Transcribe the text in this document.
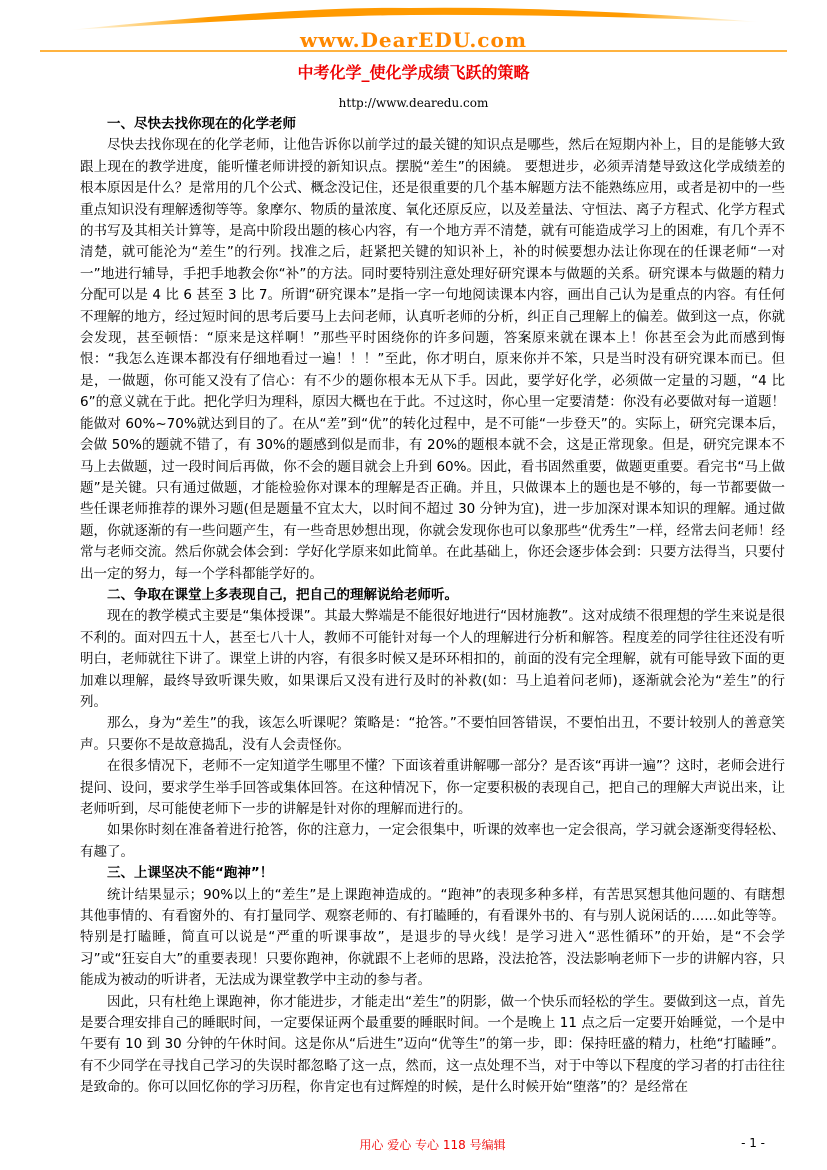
www.DearEDU.com
中考化学_使化学成绩飞跃的策略
http://www.dearedu.com
一、尽快去找你现在的化学老师

尽快去找你现在的化学老师，让他告诉你以前学过的最关键的知识点是哪些，然后在短期内补上，目的是能够大致跟上现在的教学进度，能听懂老师讲授的新知识点。摆脱“差生”的困繞。 要想进步，必须弄清楚导致这化学成绩差的根本原因是什么？是常用的几个公式、概念没记住，还是很重要的几个基本解题方法不能熟练应用，或者是初中的一些重点知识没有理解透彻等等。象摩尔、物质的量浓度、氧化还原反应，以及差量法、守恒法、离子方程式、化学方程式的书写及其相关计算等，是高中阶段出题的核心内容，有一个地方弄不清楚，就有可能造成学习上的困难，有几个弄不清楚，就可能沦为“差生”的行列。找准之后，赶紧把关键的知识补上，补的时候要想办法让你现在的任课老师“一对一”地进行辅导，手把手地教会你“补”的方法。同时要特别注意处理好研究课本与做题的关系。研究课本与做题的精力分配可以是 4 比 6 甚至 3 比 7。所谓“研究课本”是指一字一句地阅读课本内容，画出自己认为是重点的内容。有任何不理解的地方，经过短时间的思考后要马上去问老师，认真听老师的分析，纠正自己理解上的偏差。做到这一点，你就会发现，甚至顿悟：“原来是这样啊！”那些平时困绕你的许多问题，答案原来就在课本上！你甚至会为此而感到悔恨：“我怎么连课本都没有仔细地看过一遍！！！”至此，你才明白，原来你并不笨，只是当时没有研究课本而已。但是，一做题，你可能又没有了信心：有不少的题你根本无从下手。因此，要学好化学，必须做一定量的习题，“4 比 6”的意义就在于此。把化学归为理科，原因大概也在于此。不过这时，你心里一定要清楚：你没有必要做对每一道题！能做对 60%~70%就达到目的了。在从“差”到“优”的转化过程中，是不可能“一步登天”的。实际上，研究完课本后，会做 50%的题就不错了，有 30%的题感到似是而非，有 20%的题根本就不会，这是正常现象。但是，研究完课本不马上去做题，过一段时间后再做，你不会的题目就会上升到 60%。因此，看书固然重要，做题更重要。看完书“马上做题”是关键。只有通过做题，才能检验你对课本的理解是否正确。并且，只做课本上的题也是不够的，每一节都要做一些任课老师推荐的课外习题(但是题量不宜太大，以时间不超过 30 分钟为宜)，进一步加深对课本知识的理解。通过做题，你就逐渐的有一些问题产生，有一些奇思妙想出现，你就会发现你也可以象那些“优秀生”一样，经常去问老师！经常与老师交流。然后你就会体会到：学好化学原来如此简单。在此基础上，你还会逐步体会到：只要方法得当，只要付出一定的努力，每一个学科都能学好的。

二、争取在课堂上多表现自己，把自己的理解说给老师听。

现在的教学模式主要是“集体授课”。其最大弊端是不能很好地进行“因材施教”。这对成绩不很理想的学生来说是很不利的。面对四五十人，甚至七八十人，教师不可能针对每一个人的理解进行分析和解答。程度差的同学往往还没有听明白，老师就往下讲了。课堂上讲的内容，有很多时候又是环环相扣的，前面的没有完全理解，就有可能导致下面的更加难以理解，最终导致听课失败，如果课后又没有进行及时的补救(如：马上追着问老师)，逐渐就会沦为“差生”的行列。

那么，身为“差生”的我，该怎么听课呢？策略是：“抢答。”不要怕回答错误，不要怕出丑，不要计较别人的善意笑声。只要你不是故意捣乱，没有人会责怪你。

在很多情况下，老师不一定知道学生哪里不懂？下面该着重讲解哪一部分？是否该“再讲一遍”？这时，老师会进行提问、设问，要求学生举手回答或集体回答。在这种情况下，你一定要积极的表现自己，把自己的理解大声说出来，让老师听到，尽可能使老师下一步的讲解是针对你的理解而进行的。

如果你时刻在准备着进行抢答，你的注意力，一定会很集中，听课的效率也一定会很高，学习就会逐渐变得轻松、有趣了。

三、上课坚决不能“跑神”！

统计结果显示；90%以上的“差生”是上课跑神造成的。“跑神”的表现多种多样，有苦思冥想其他问题的、有瞎想其他事情的、有看窗外的、有打量同学、观察老师的、有打瞌睡的，有看课外书的、有与别人说闲话的......如此等等。特别是打瞌睡，简直可以说是“严重的听课事故”，是退步的导火线！是学习进入“恶性循环”的开始，是“不会学习”或“狂妄自大”的重要表现！只要你跑神，你就跟不上老师的思路，没法抢答，没法影响老师下一步的讲解内容，只能成为被动的听讲者，无法成为课堂教学中主动的参与者。

因此，只有杜绝上课跑神，你才能进步，才能走出“差生”的阴影，做一个快乐而轻松的学生。要做到这一点，首先是要合理安排自己的睡眠时间，一定要保证两个最重要的睡眠时间。一个是晚上 11 点之后一定要开始睡觉，一个是中午要有 10 到 30 分钟的午休时间。这是你从“后进生”迈向“优等生”的第一步，即：保持旺盛的精力，杜绝“打瞌睡”。有不少同学在寻找自己学习的失误时都忽略了这一点，然而，这一点处理不当，对于中等以下程度的学习者的打击往往是致命的。你可以回忆你的学习历程，你肯定也有过辉煌的时候，是什么时候开始“堕落”的？是经常在

用心 爱心 专心 118 号编辑	- 1 -
